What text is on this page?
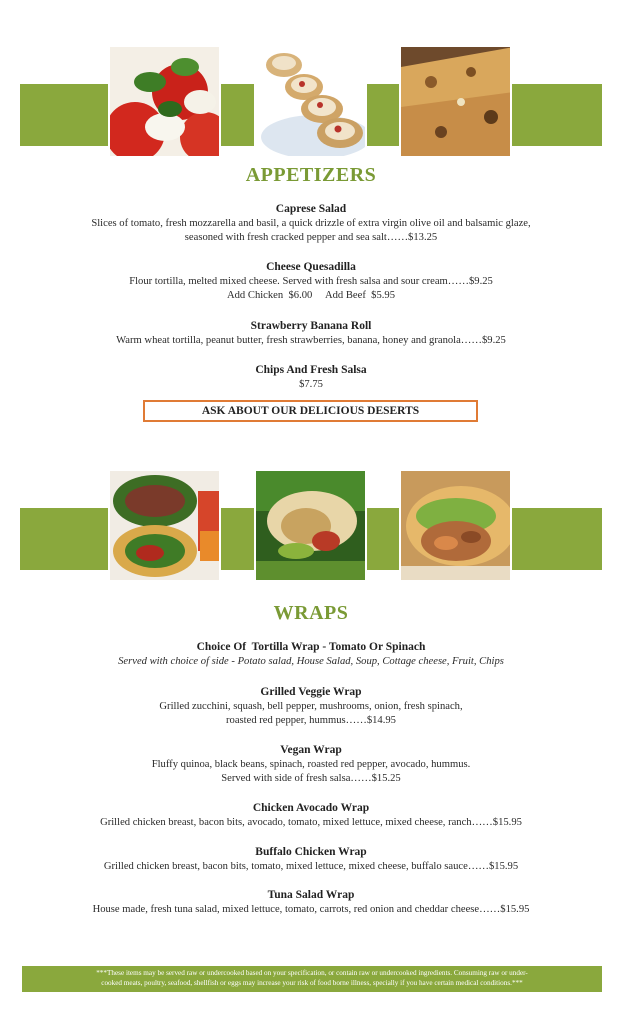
APPETIZERS
Caprese Salad
Slices of tomato, fresh mozzarella and basil, a quick drizzle of extra virgin olive oil and balsamic glaze,
seasoned with fresh cracked pepper and sea salt……$13.25
Cheese Quesadilla
Flour tortilla, melted mixed cheese. Served with fresh salsa and sour cream……$9.25
Add Chicken  $6.00     Add Beef  $5.95
Strawberry Banana Roll
Warm wheat tortilla, peanut butter, fresh strawberries, banana, honey and granola……$9.25
Chips And Fresh Salsa
$7.75
ASK ABOUT OUR DELICIOUS DESERTS
WRAPS
Choice Of  Tortilla Wrap - Tomato Or Spinach
Served with choice of side - Potato salad, House Salad, Soup, Cottage cheese, Fruit, Chips
Grilled Veggie Wrap
Grilled zucchini, squash, bell pepper, mushrooms, onion, fresh spinach,
roasted red pepper, hummus……$14.95
Vegan Wrap
Fluffy quinoa, black beans, spinach, roasted red pepper, avocado, hummus.
Served with side of fresh salsa……$15.25
Chicken Avocado Wrap
Grilled chicken breast, bacon bits, avocado, tomato, mixed lettuce, mixed cheese, ranch……$15.95
Buffalo Chicken Wrap
Grilled chicken breast, bacon bits, tomato, mixed lettuce, mixed cheese, buffalo sauce……$15.95
Tuna Salad Wrap
House made, fresh tuna salad, mixed lettuce, tomato, carrots, red onion and cheddar cheese……$15.95
***These items may be served raw or undercooked based on your specification, or contain raw or undercooked ingredients. Consuming raw or under-
cooked meats, poultry, seafood, shellfish or eggs may increase your risk of food borne illness, specially if you have certain medical conditions.***
